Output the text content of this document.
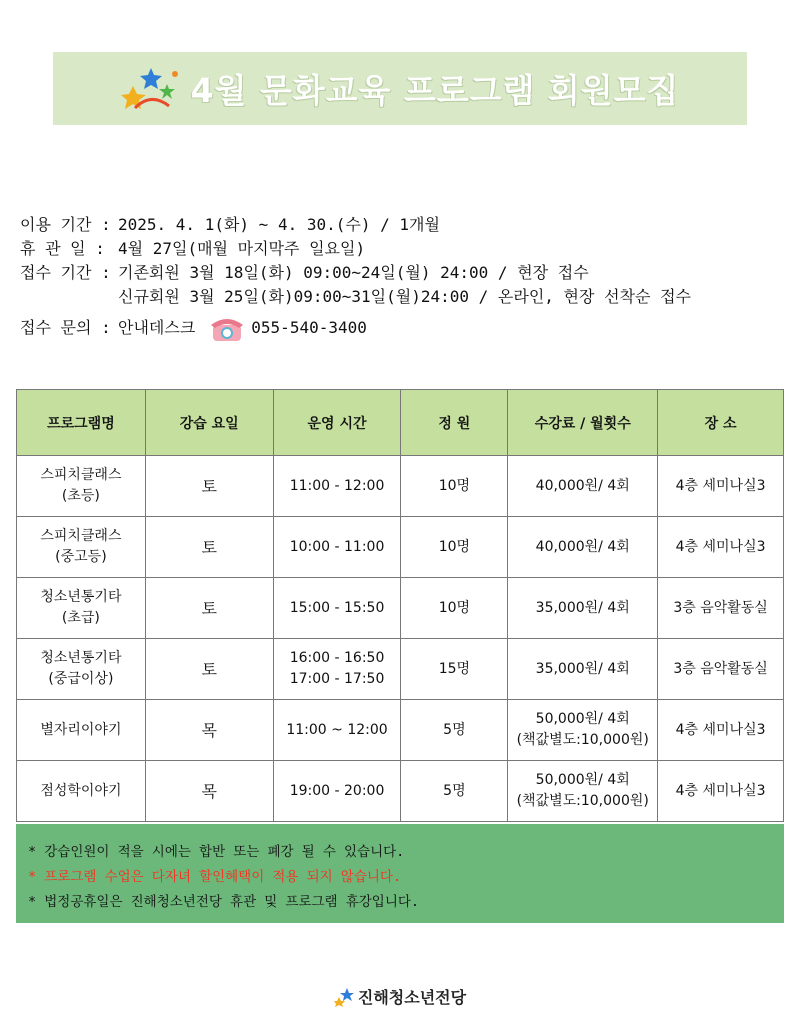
4월 문화교육 프로그램 회원모집
이용 기간 : 2025. 4. 1(화) ~ 4. 30.(수) / 1개월
휴 관 일 : 4월 27일(매월 마지막주 일요일)
접수 기간 : 기존회원 3월 18일(화) 09:00~24일(월) 24:00 / 현장 접수
신규회원 3월 25일(화)09:00~31일(월)24:00 / 온라인, 현장 선착순 접수
접수 문의 : 안내데스크	055-540-3400
프로그램명	강습 요일	운영 시간	정 원	수강료 / 월횟수	장 소
스피치클래스
(초등)	토	11:00 - 12:00	10명	40,000원/ 4회	4층 세미나실3
스피치클래스
(중고등)	토	10:00 - 11:00	10명	40,000원/ 4회	4층 세미나실3
청소년통기타
(초급)	토	15:00 - 15:50	10명	35,000원/ 4회	3층 음악활동실
청소년통기타
(중급이상)	토	16:00 - 16:50
17:00 - 17:50	15명	35,000원/ 4회	3층 음악활동실
별자리이야기	목	11:00 ~ 12:00	5명	50,000원/ 4회
(책값별도:10,000원)	4층 세미나실3
점성학이야기	목	19:00 - 20:00	5명	50,000원/ 4회
(책값별도:10,000원)	4층 세미나실3
* 강습인원이 적을 시에는 합반 또는 폐강 될 수 있습니다.
* 프로그램 수업은 다자녀 할인혜택이 적용 되지 않습니다.
* 법정공휴일은 진해청소년전당 휴관 및 프로그램 휴강입니다.
진해청소년전당
